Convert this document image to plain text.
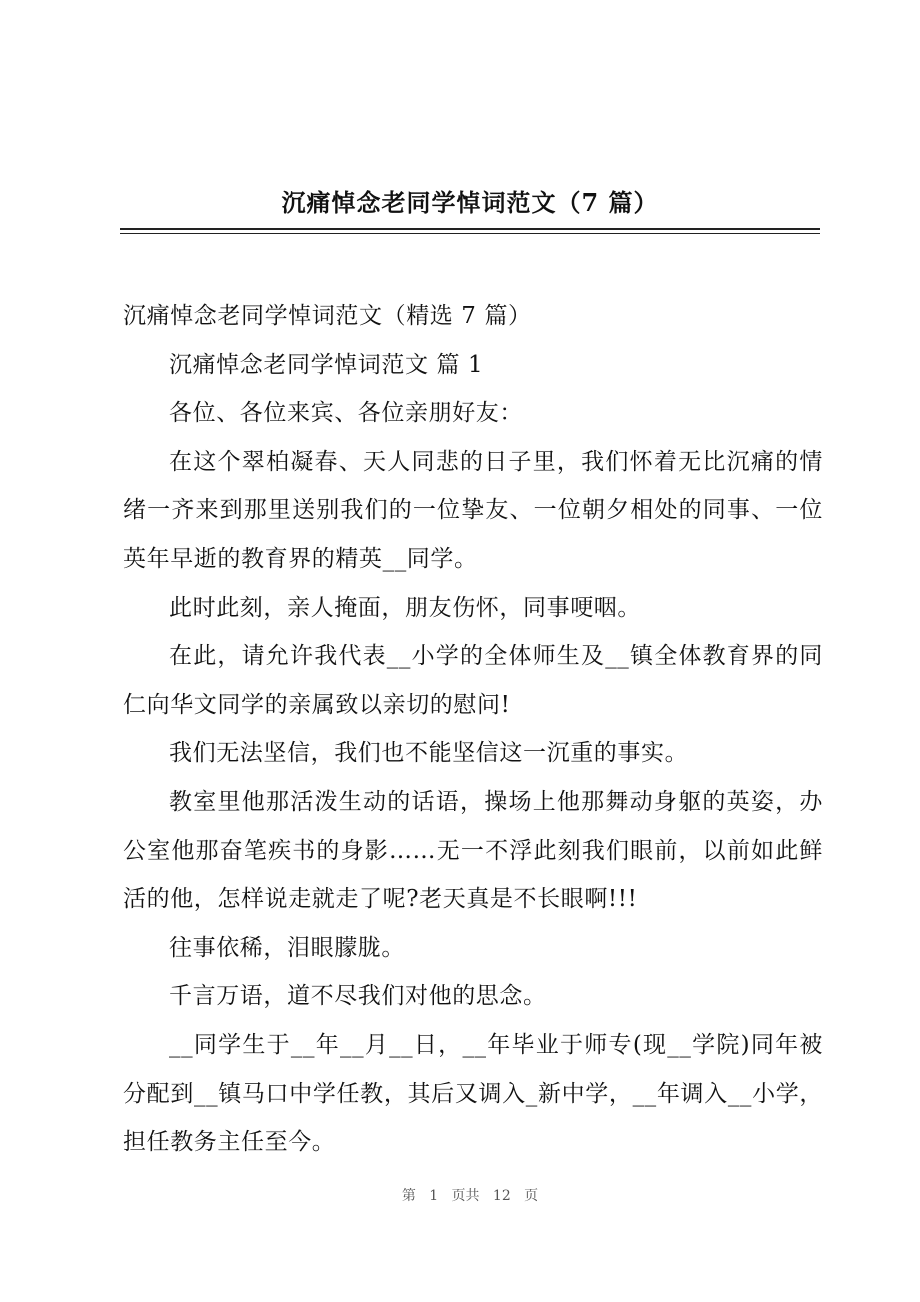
沉痛悼念老同学悼词范文（7 篇）

沉痛悼念老同学悼词范文（精选 7 篇）

沉痛悼念老同学悼词范文 篇 1

各位、各位来宾、各位亲朋好友：

在这个翠柏凝春、天人同悲的日子里，我们怀着无比沉痛的情绪一齐来到那里送别我们的一位挚友、一位朝夕相处的同事、一位英年早逝的教育界的精英__同学。

此时此刻，亲人掩面，朋友伤怀，同事哽咽。

在此，请允许我代表__小学的全体师生及__镇全体教育界的同仁向华文同学的亲属致以亲切的慰问!

我们无法坚信，我们也不能坚信这一沉重的事实。

教室里他那活泼生动的话语，操场上他那舞动身躯的英姿，办公室他那奋笔疾书的身影……无一不浮此刻我们眼前，以前如此鲜活的他，怎样说走就走了呢?老天真是不长眼啊!!!

往事依稀，泪眼朦胧。

千言万语，道不尽我们对他的思念。

__同学生于__年__月__日，__年毕业于师专(现__学院)同年被分配到__镇马口中学任教，其后又调入_新中学，__年调入__小学，担任教务主任至今。

第 1 页共 12 页
